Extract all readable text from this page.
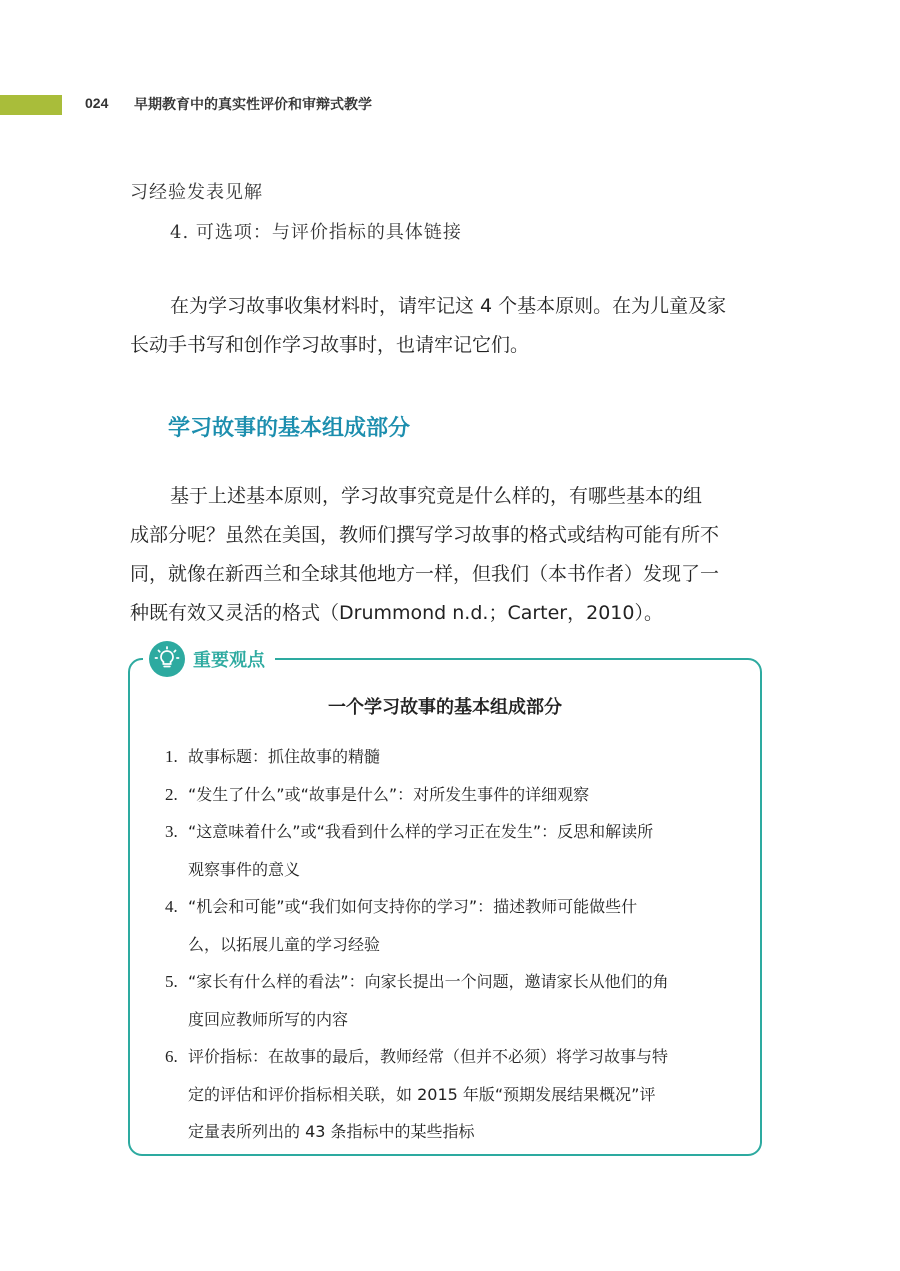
024 早期教育中的真实性评价和审辩式教学
习经验发表见解
4. 可选项：与评价指标的具体链接
在为学习故事收集材料时，请牢记这 4 个基本原则。在为儿童及家
长动手书写和创作学习故事时，也请牢记它们。
学习故事的基本组成部分
基于上述基本原则，学习故事究竟是什么样的，有哪些基本的组
成部分呢？虽然在美国，教师们撰写学习故事的格式或结构可能有所不
同，就像在新西兰和全球其他地方一样，但我们（本书作者）发现了一
种既有效又灵活的格式（Drummond n.d.；Carter，2010）。
重要观点
一个学习故事的基本组成部分
1. 故事标题：抓住故事的精髓
2. “发生了什么”或“故事是什么”：对所发生事件的详细观察
3. “这意味着什么”或“我看到什么样的学习正在发生”：反思和解读所
观察事件的意义
4. “机会和可能”或“我们如何支持你的学习”：描述教师可能做些什
么，以拓展儿童的学习经验
5. “家长有什么样的看法”：向家长提出一个问题，邀请家长从他们的角
度回应教师所写的内容
6. 评价指标：在故事的最后，教师经常（但并不必须）将学习故事与特
定的评估和评价指标相关联，如 2015 年版“预期发展结果概况”评
定量表所列出的 43 条指标中的某些指标
